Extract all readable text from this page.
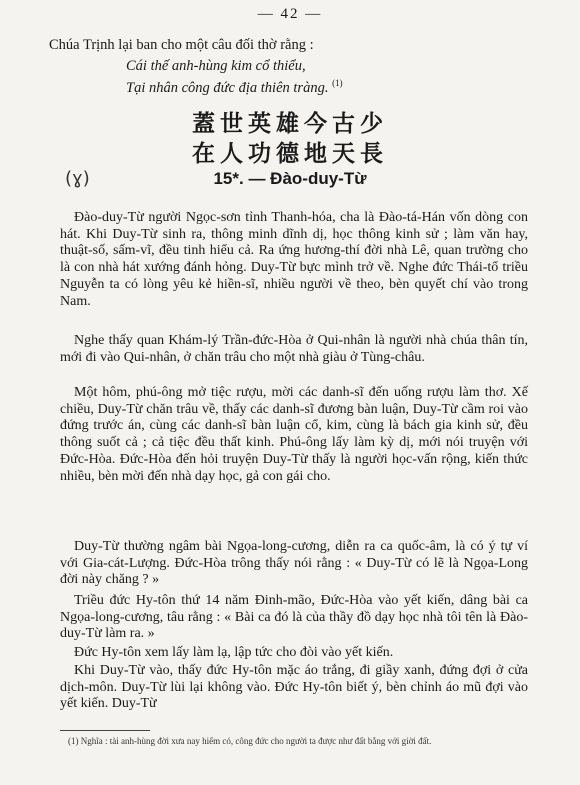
— 42 —
Chúa Trịnh lại ban cho một câu đối thờ rằng :
Cái thế anh-hùng kim cổ thiểu,
Tại nhân công đức địa thiên tràng. $^{(1)}$
蓋世英雄今古少
在人功德地天長
(ɣ)	15*. — Đào-duy-Từ

Đào-duy-Từ người Ngọc-sơn tỉnh Thanh-hóa, cha là Đào-tá-Hán vốn dòng con hát. Khi Duy-Từ sinh ra, thông minh dĩnh dị, học thông kinh sử ; làm văn hay, thuật-số, sấm-vĩ, đều tinh hiểu cả. Ra ứng hương-thí đời nhà Lê, quan trường cho là con nhà hát xướng đánh hỏng. Duy-Từ bực mình trở về. Nghe đức Thái-tổ triều Nguyễn ta có lòng yêu kẻ hiền-sĩ, nhiều người về theo, bèn quyết chí vào trong Nam.

Nghe thấy quan Khám-lý Trần-đức-Hòa ở Qui-nhân là người nhà chúa thân tín, mới đi vào Qui-nhân, ở chăn trâu cho một nhà giàu ở Tùng-châu.

Một hôm, phú-ông mở tiệc rượu, mời các danh-sĩ đến uống rượu làm thơ. Xế chiều, Duy-Từ chăn trâu về, thấy các danh-sĩ đương bàn luận, Duy-Từ cầm roi vào đứng trước án, cùng các danh-sĩ bàn luận cổ, kim, cùng là bách gia kinh sử, đều thông suốt cả ; cả tiệc đều thất kinh. Phú-ông lấy làm kỳ dị, mới nói truyện với Đức-Hòa. Đức-Hòa đến hỏi truyện Duy-Từ thấy là người học-vấn rộng, kiến thức nhiều, bèn mời đến nhà dạy học, gả con gái cho.

Duy-Từ thường ngâm bài Ngọa-long-cương, diễn ra ca quốc-âm, là có ý tự ví với Gia-cát-Lượng. Đức-Hòa trông thấy nói rằng : « Duy-Từ có lẽ là Ngọa-Long đời này chăng ? »

Triều đức Hy-tôn thứ 14 năm Đinh-mão, Đức-Hòa vào yết kiến, dâng bài ca Ngọa-long-cương, tâu rằng : « Bài ca đó là của thầy đồ dạy học nhà tôi tên là Đào-duy-Từ làm ra. »

Đức Hy-tôn xem lấy làm lạ, lập tức cho đòi vào yết kiến.

Khi Duy-Từ vào, thấy đức Hy-tôn mặc áo trắng, đi giầy xanh, đứng đợi ở cửa dịch-môn. Duy-Từ lùi lại không vào. Đức Hy-tôn biết ý, bèn chỉnh áo mũ đợi vào yết kiến. Duy-Từ

(1) Nghĩa : tài anh-hùng đời xưa nay hiếm có, công đức cho người ta được như đất bằng với giời đất.
